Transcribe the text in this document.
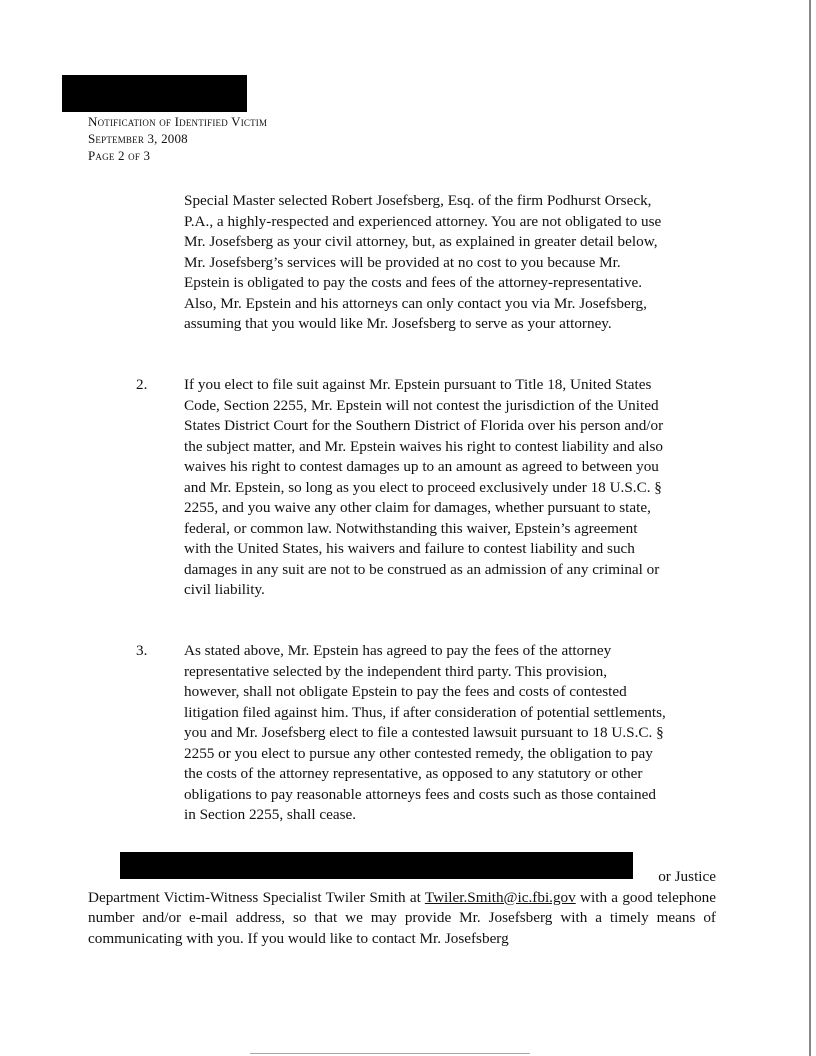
Notification of Identified Victim
September 3, 2008
Page 2 of 3
Special Master selected Robert Josefsberg, Esq. of the firm Podhurst Orseck, P.A., a highly-respected and experienced attorney. You are not obligated to use Mr. Josefsberg as your civil attorney, but, as explained in greater detail below, Mr. Josefsberg’s services will be provided at no cost to you because Mr. Epstein is obligated to pay the costs and fees of the attorney-representative. Also, Mr. Epstein and his attorneys can only contact you via Mr. Josefsberg, assuming that you would like Mr. Josefsberg to serve as your attorney.
2. If you elect to file suit against Mr. Epstein pursuant to Title 18, United States Code, Section 2255, Mr. Epstein will not contest the jurisdiction of the United States District Court for the Southern District of Florida over his person and/or the subject matter, and Mr. Epstein waives his right to contest liability and also waives his right to contest damages up to an amount as agreed to between you and Mr. Epstein, so long as you elect to proceed exclusively under 18 U.S.C. § 2255, and you waive any other claim for damages, whether pursuant to state, federal, or common law. Notwithstanding this waiver, Epstein’s agreement with the United States, his waivers and failure to contest liability and such damages in any suit are not to be construed as an admission of any criminal or civil liability.
3. As stated above, Mr. Epstein has agreed to pay the fees of the attorney representative selected by the independent third party. This provision, however, shall not obligate Epstein to pay the fees and costs of contested litigation filed against him. Thus, if after consideration of potential settlements, you and Mr. Josefsberg elect to file a contested lawsuit pursuant to 18 U.S.C. § 2255 or you elect to pursue any other contested remedy, the obligation to pay the costs of the attorney representative, as opposed to any statutory or other obligations to pay reasonable attorneys fees and costs such as those contained in Section 2255, shall cease.
or Justice
Department Victim-Witness Specialist Twiler Smith at Twiler.Smith@ic.fbi.gov with a good telephone number and/or e-mail address, so that we may provide Mr. Josefsberg with a timely means of communicating with you. If you would like to contact Mr. Josefsberg
